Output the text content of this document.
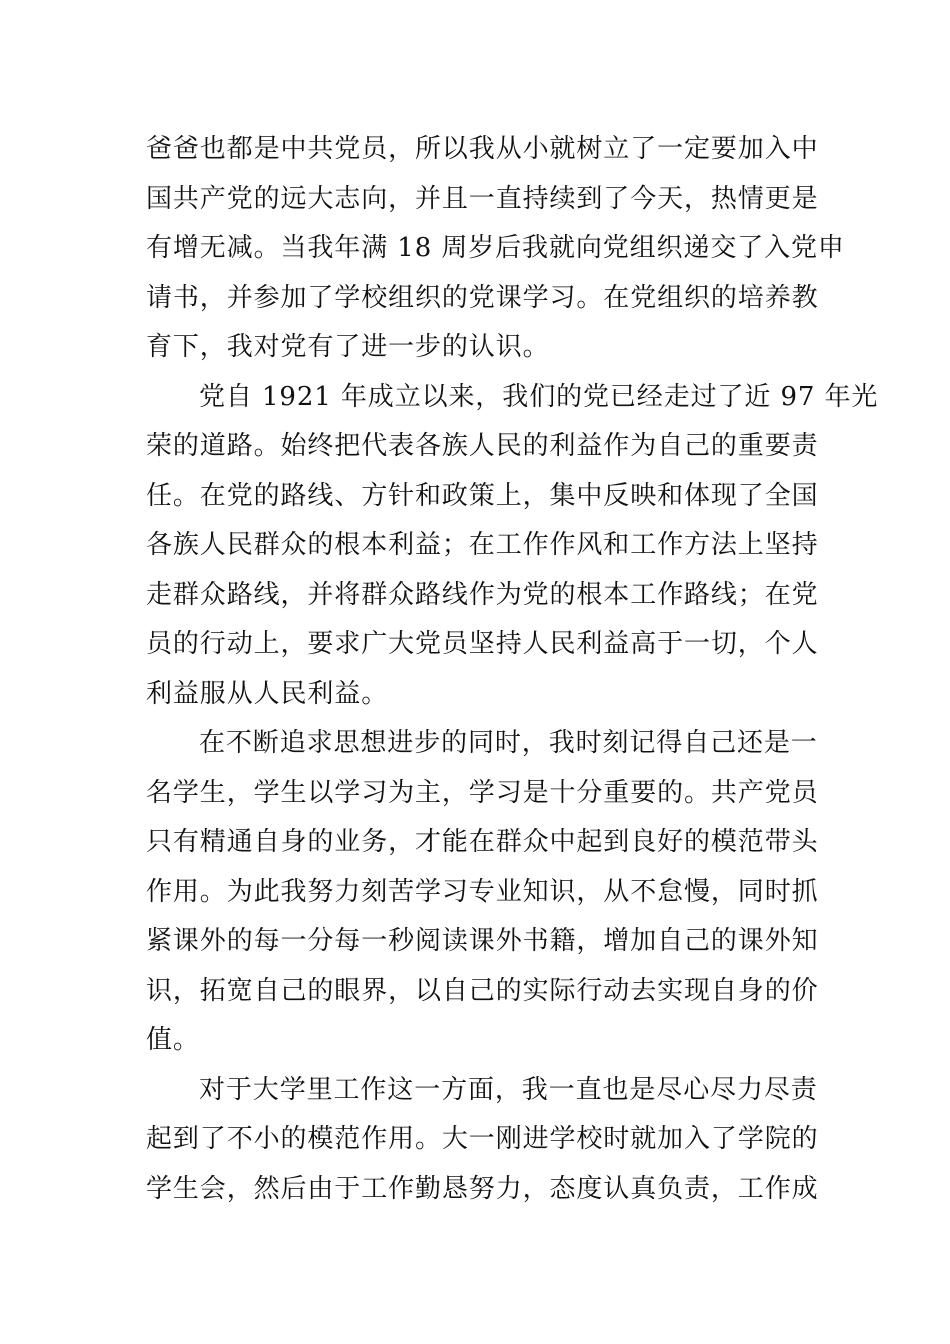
爸爸也都是中共党员，所以我从小就树立了一定要加入中
国共产党的远大志向，并且一直持续到了今天，热情更是
有增无减。当我年满 18 周岁后我就向党组织递交了入党申
请书，并参加了学校组织的党课学习。在党组织的培养教
育下，我对党有了进一步的认识。
党自 1921 年成立以来，我们的党已经走过了近 97 年光
荣的道路。始终把代表各族人民的利益作为自己的重要责
任。在党的路线、方针和政策上，集中反映和体现了全国
各族人民群众的根本利益；在工作作风和工作方法上坚持
走群众路线，并将群众路线作为党的根本工作路线；在党
员的行动上，要求广大党员坚持人民利益高于一切，个人
利益服从人民利益。
在不断追求思想进步的同时，我时刻记得自己还是一
名学生，学生以学习为主，学习是十分重要的。共产党员
只有精通自身的业务，才能在群众中起到良好的模范带头
作用。为此我努力刻苦学习专业知识，从不怠慢，同时抓
紧课外的每一分每一秒阅读课外书籍，增加自己的课外知
识，拓宽自己的眼界，以自己的实际行动去实现自身的价
值。
对于大学里工作这一方面，我一直也是尽心尽力尽责
起到了不小的模范作用。大一刚进学校时就加入了学院的
学生会，然后由于工作勤恳努力，态度认真负责，工作成
